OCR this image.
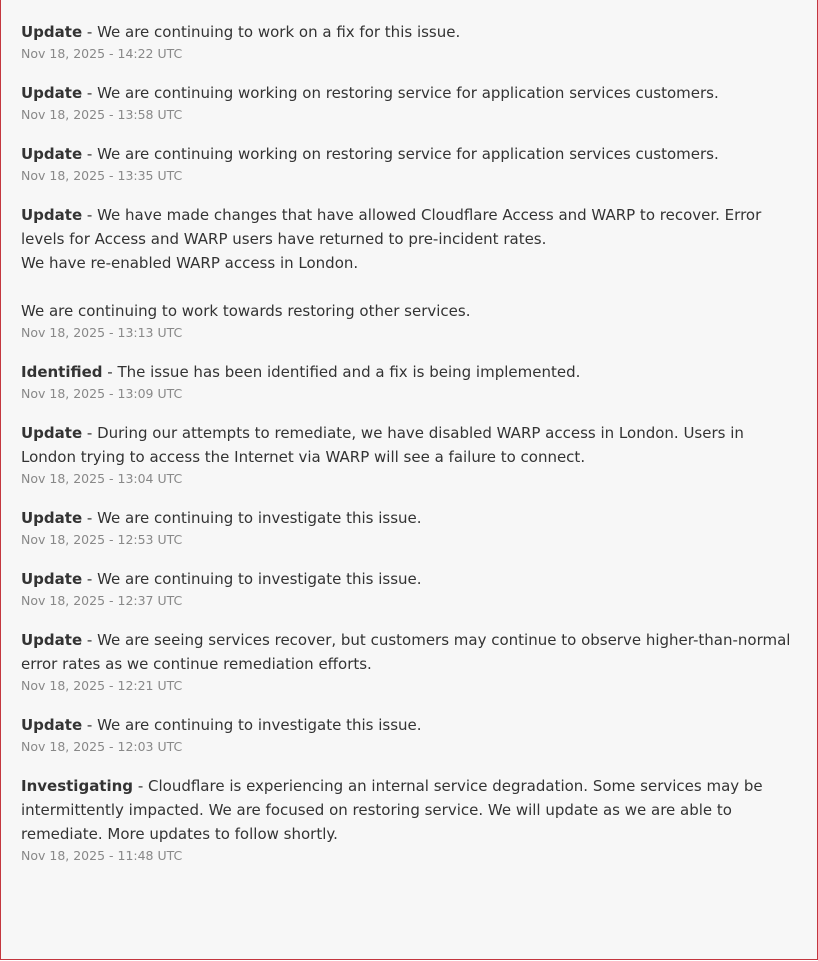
Update - We are continuing to work on a fix for this issue.

Nov 18, 2025 - 14:22 UTC

Update - We are continuing working on restoring service for application services customers.

Nov 18, 2025 - 13:58 UTC

Update - We are continuing working on restoring service for application services customers.

Nov 18, 2025 - 13:35 UTC

Update - We have made changes that have allowed Cloudflare Access and WARP to recover. Error levels for Access and WARP users have returned to pre-incident rates.

We have re-enabled WARP access in London.

We are continuing to work towards restoring other services.

Nov 18, 2025 - 13:13 UTC

Identified - The issue has been identified and a fix is being implemented.

Nov 18, 2025 - 13:09 UTC

Update - During our attempts to remediate, we have disabled WARP access in London. Users in London trying to access the Internet via WARP will see a failure to connect.

Nov 18, 2025 - 13:04 UTC

Update - We are continuing to investigate this issue.

Nov 18, 2025 - 12:53 UTC

Update - We are continuing to investigate this issue.

Nov 18, 2025 - 12:37 UTC

Update - We are seeing services recover, but customers may continue to observe higher-than-normal error rates as we continue remediation efforts.

Nov 18, 2025 - 12:21 UTC

Update - We are continuing to investigate this issue.

Nov 18, 2025 - 12:03 UTC

Investigating - Cloudflare is experiencing an internal service degradation. Some services may be intermittently impacted. We are focused on restoring service. We will update as we are able to remediate. More updates to follow shortly.

Nov 18, 2025 - 11:48 UTC
